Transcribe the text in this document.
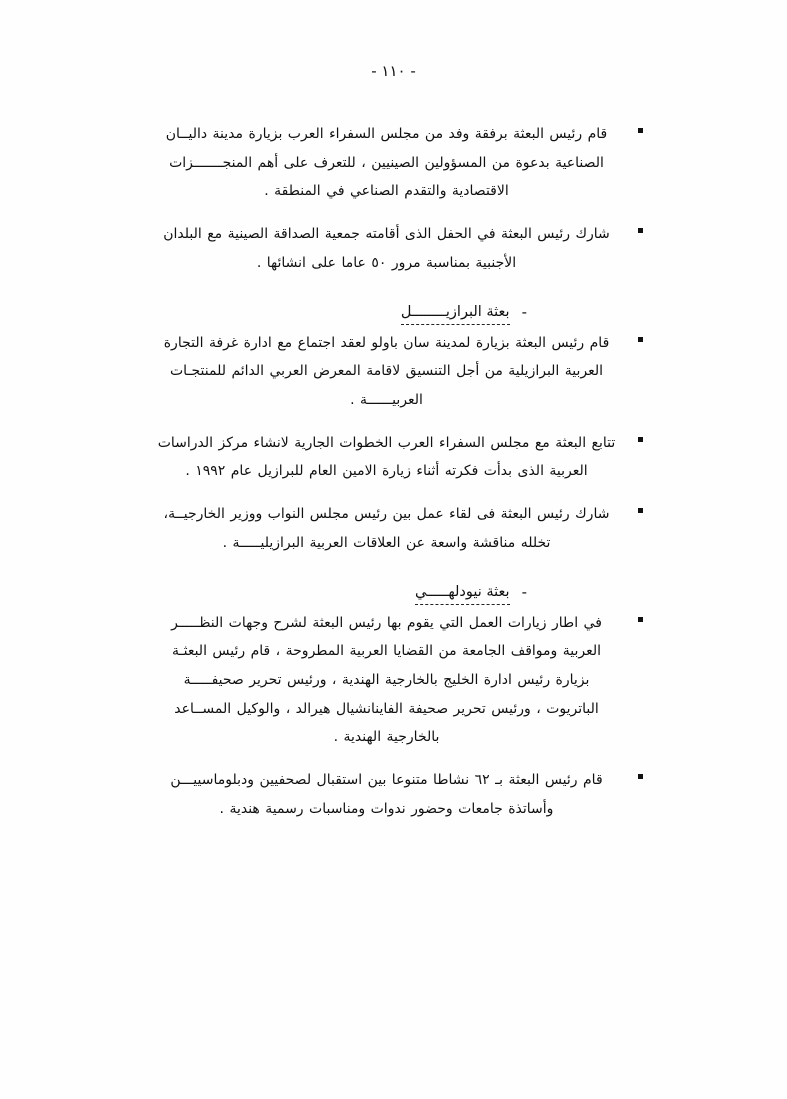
- ١١٠ -
قام رئيس البعثة برفقة وفد من مجلس السفراء العرب بزيارة مدينة داليــان
الصناعية بدعوة من المسؤولين الصينيين ، للتعرف على أهم المنجـــــــزات
الاقتصادية والتقدم الصناعي في المنطقة .
شارك رئيس البعثة في الحفل الذى أقامته جمعية الصداقة الصينية مع البلدان
الأجنبية بمناسبة مرور ٥٠ عاما على انشائها .
-
بعثة البرازيــــــــل
قام رئيس البعثة بزيارة لمدينة سان باولو لعقد اجتماع مع ادارة غرفة التجارة
العربية البرازيلية من أجل التنسيق لاقامة المعرض العربي الدائم للمنتجـات
العربيــــــة .
تتابع البعثة مع مجلس السفراء العرب الخطوات الجارية لانشاء مركز الدراسات
العربية الذى بدأت فكرته أثناء زيارة الامين العام للبرازيل عام ١٩٩٢ .
شارك رئيس البعثة فى لقاء عمل بين رئيس مجلس النواب ووزير الخارجيــة،
تخلله مناقشة واسعة عن العلاقات العربية البرازيليـــــة .
-
بعثة نيودلهـــــي
في اطار زيارات العمل التي يقوم بها رئيس البعثة لشرح وجهات النظـــــر
العربية ومواقف الجامعة من القضايا العربية المطروحة ، قام رئيس البعثـة
بزيارة رئيس ادارة الخليج بالخارجية الهندية ، ورئيس تحرير صحيفـــــة
الباتريوت ، ورئيس تحرير صحيفة الفاينانشيال هيرالد ، والوكيل المســاعد
بالخارجية الهندية .
قام رئيس البعثة بـ ٦٢ نشاطا متنوعا بين استقبال لصحفيين ودبلوماسييـــن
وأساتذة جامعات وحضور ندوات ومناسبات رسمية هندية .
